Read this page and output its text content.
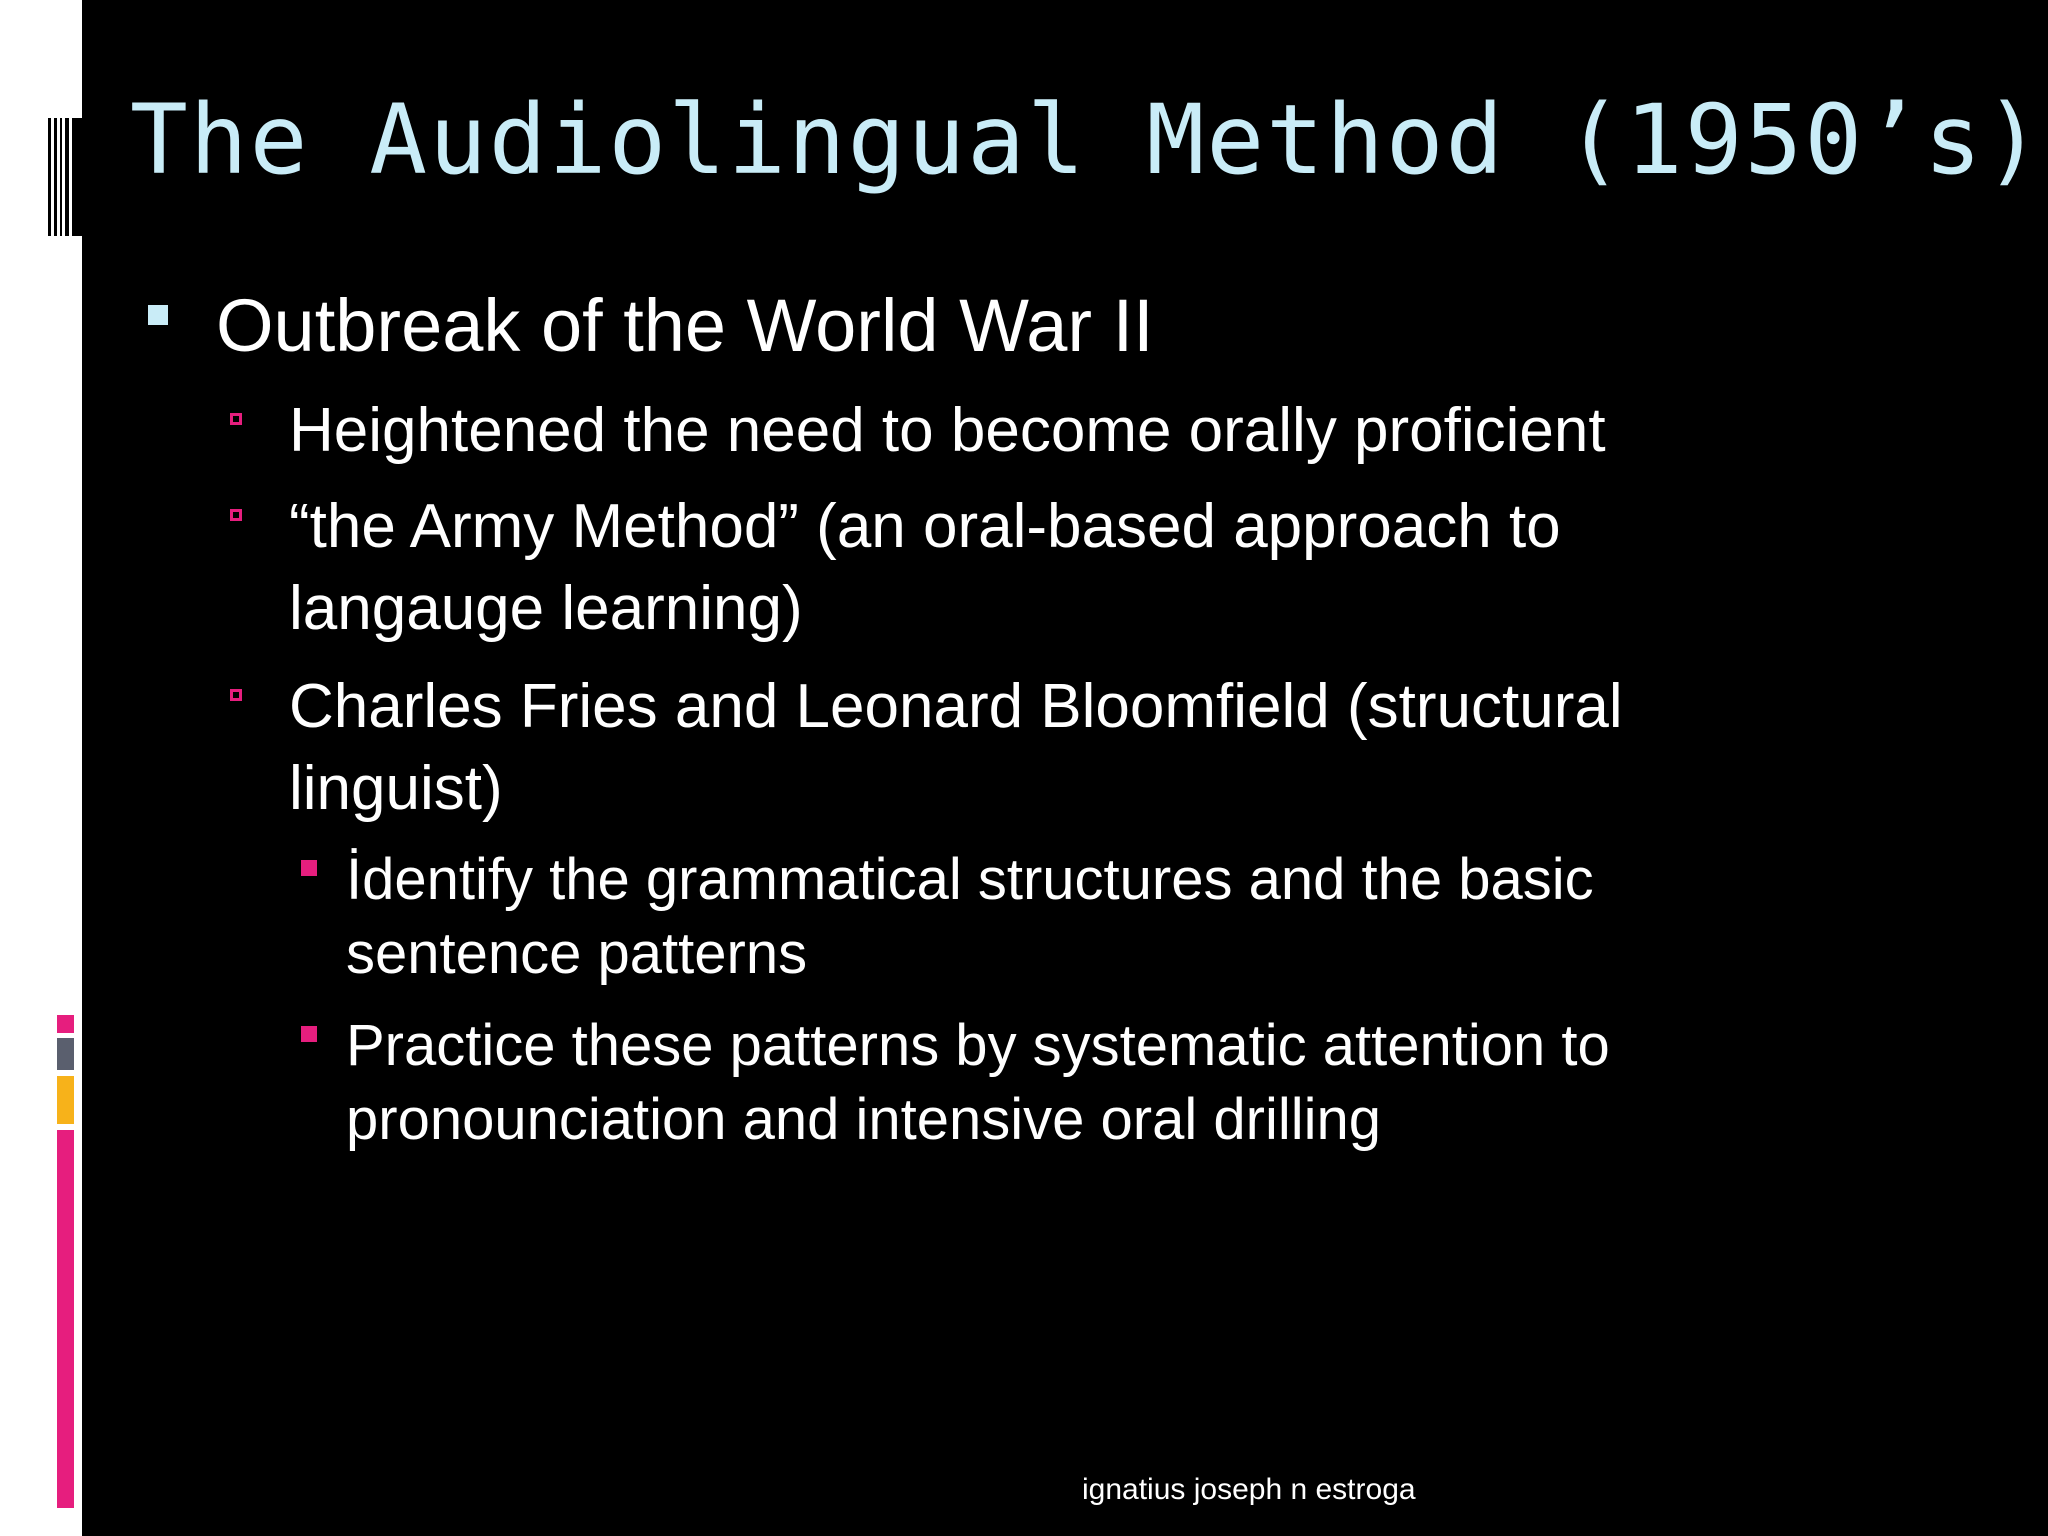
The Audiolingual Method (1950’s)

Outbreak of the World War II

Heightened the need to become orally proficient

“the Army Method” (an oral-based approach to langauge learning)

Charles Fries and Leonard Bloomfield (structural linguist)

İdentify the grammatical structures and the basic sentence patterns

Practice these patterns by systematic attention to pronounciation and intensive oral drilling

ignatius joseph n estroga
